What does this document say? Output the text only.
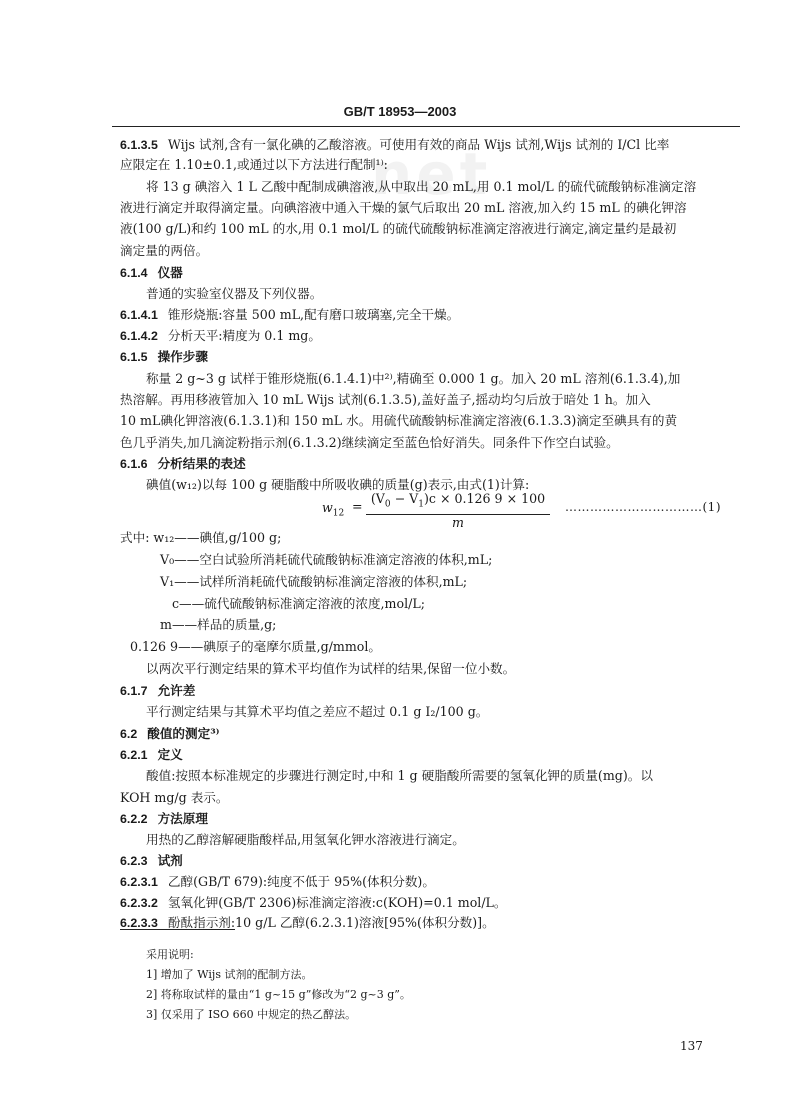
.net
GB/T 18953—2003
6.1.3.5 Wijs 试剂,含有一氯化碘的乙酸溶液。可使用有效的商品 Wijs 试剂,Wijs 试剂的 I/Cl 比率
应限定在 1.10±0.1,或通过以下方法进行配制¹⁾:
将 13 g 碘溶入 1 L 乙酸中配制成碘溶液,从中取出 20 mL,用 0.1 mol/L 的硫代硫酸钠标准滴定溶
液进行滴定并取得滴定量。向碘溶液中通入干燥的氯气后取出 20 mL 溶液,加入约 15 mL 的碘化钾溶
液(100 g/L)和约 100 mL 的水,用 0.1 mol/L 的硫代硫酸钠标准滴定溶液进行滴定,滴定量约是最初
滴定量的两倍。
6.1.4 仪器
普通的实验室仪器及下列仪器。
6.1.4.1 锥形烧瓶:容量 500 mL,配有磨口玻璃塞,完全干燥。
6.1.4.2 分析天平:精度为 0.1 mg。
6.1.5 操作步骤
称量 2 g~3 g 试样于锥形烧瓶(6.1.4.1)中²⁾,精确至 0.000 1 g。加入 20 mL 溶剂(6.1.3.4),加
热溶解。再用移液管加入 10 mL Wijs 试剂(6.1.3.5),盖好盖子,摇动均匀后放于暗处 1 h。加入
10 mL碘化钾溶液(6.1.3.1)和 150 mL 水。用硫代硫酸钠标准滴定溶液(6.1.3.3)滴定至碘具有的黄
色几乎消失,加几滴淀粉指示剂(6.1.3.2)继续滴定至蓝色恰好消失。同条件下作空白试验。
6.1.6 分析结果的表述
碘值(w₁₂)以每 100 g 硬脂酸中所吸收碘的质量(g)表示,由式(1)计算:
$w_{12}$ =
$(V_0 - V_1)c \times 0.126$ 9 × 100
m
……………………………(1)
式中: w₁₂——碘值,g/100 g;
V₀——空白试验所消耗硫代硫酸钠标准滴定溶液的体积,mL;
V₁——试样所消耗硫代硫酸钠标准滴定溶液的体积,mL;
c——硫代硫酸钠标准滴定溶液的浓度,mol/L;
m——样品的质量,g;
0.126 9——碘原子的毫摩尔质量,g/mmol。
以两次平行测定结果的算术平均值作为试样的结果,保留一位小数。
6.1.7 允许差
平行测定结果与其算术平均值之差应不超过 0.1 g I₂/100 g。
6.2 酸值的测定³⁾
6.2.1 定义
酸值:按照本标准规定的步骤进行测定时,中和 1 g 硬脂酸所需要的氢氧化钾的质量(mg)。以
KOH mg/g 表示。
6.2.2 方法原理
用热的乙醇溶解硬脂酸样品,用氢氧化钾水溶液进行滴定。
6.2.3 试剂
6.2.3.1 乙醇(GB/T 679):纯度不低于 95%(体积分数)。
6.2.3.2 氢氧化钾(GB/T 2306)标准滴定溶液:c(KOH)=0.1 mol/L。
6.2.3.3 酚酞指示剂:10 g/L 乙醇(6.2.3.1)溶液[95%(体积分数)]。
采用说明:
1] 增加了 Wijs 试剂的配制方法。
2] 将称取试样的量由“1 g~15 g”修改为“2 g~3 g”。
3] 仅采用了 ISO 660 中规定的热乙醇法。
137
